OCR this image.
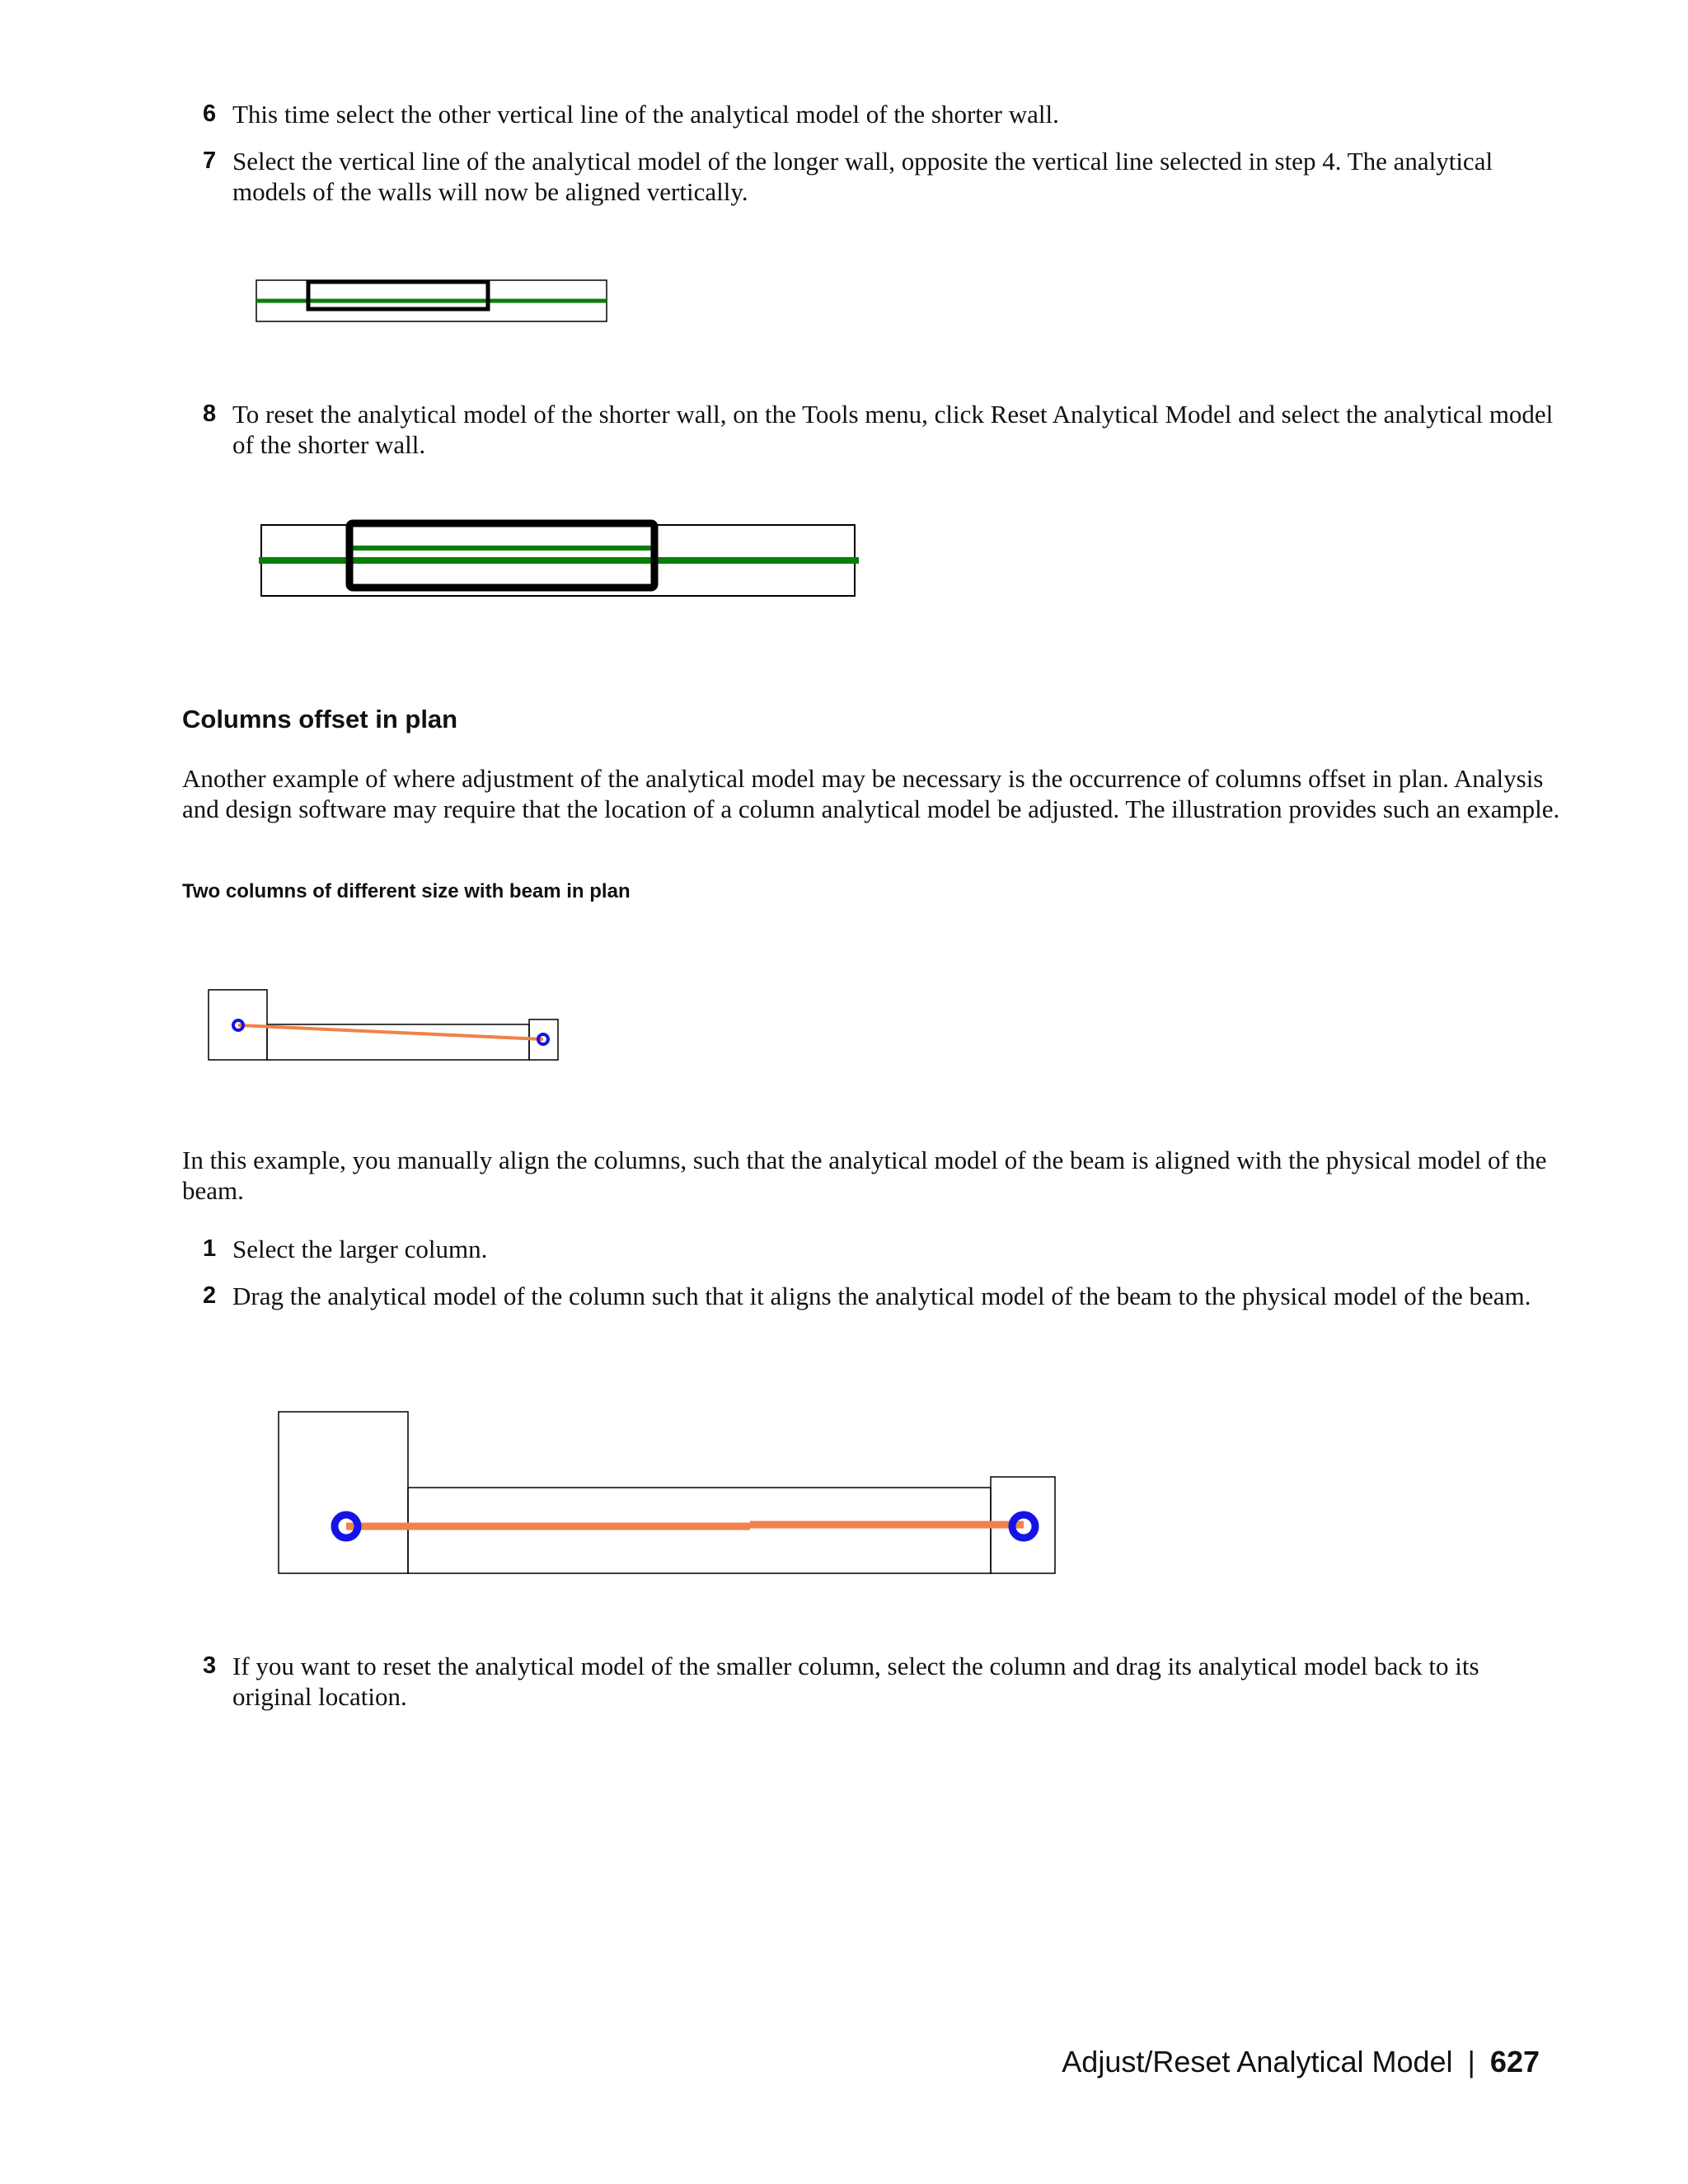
6 This time select the other vertical line of the analytical model of the shorter wall.
7 Select the vertical line of the analytical model of the longer wall, opposite the vertical line selected in step 4. The analytical models of the walls will now be aligned vertically.
8 To reset the analytical model of the shorter wall, on the Tools menu, click Reset Analytical Model and select the analytical model of the shorter wall.
Columns offset in plan
Another example of where adjustment of the analytical model may be necessary is the occurrence of columns offset in plan. Analysis and design software may require that the location of a column analytical model be adjusted. The illustration provides such an example.
Two columns of different size with beam in plan
In this example, you manually align the columns, such that the analytical model of the beam is aligned with the physical model of the beam.
1 Select the larger column.
2 Drag the analytical model of the column such that it aligns the analytical model of the beam to the physical model of the beam.
3 If you want to reset the analytical model of the smaller column, select the column and drag its analytical model back to its original location.
Adjust/Reset Analytical Model | 627
